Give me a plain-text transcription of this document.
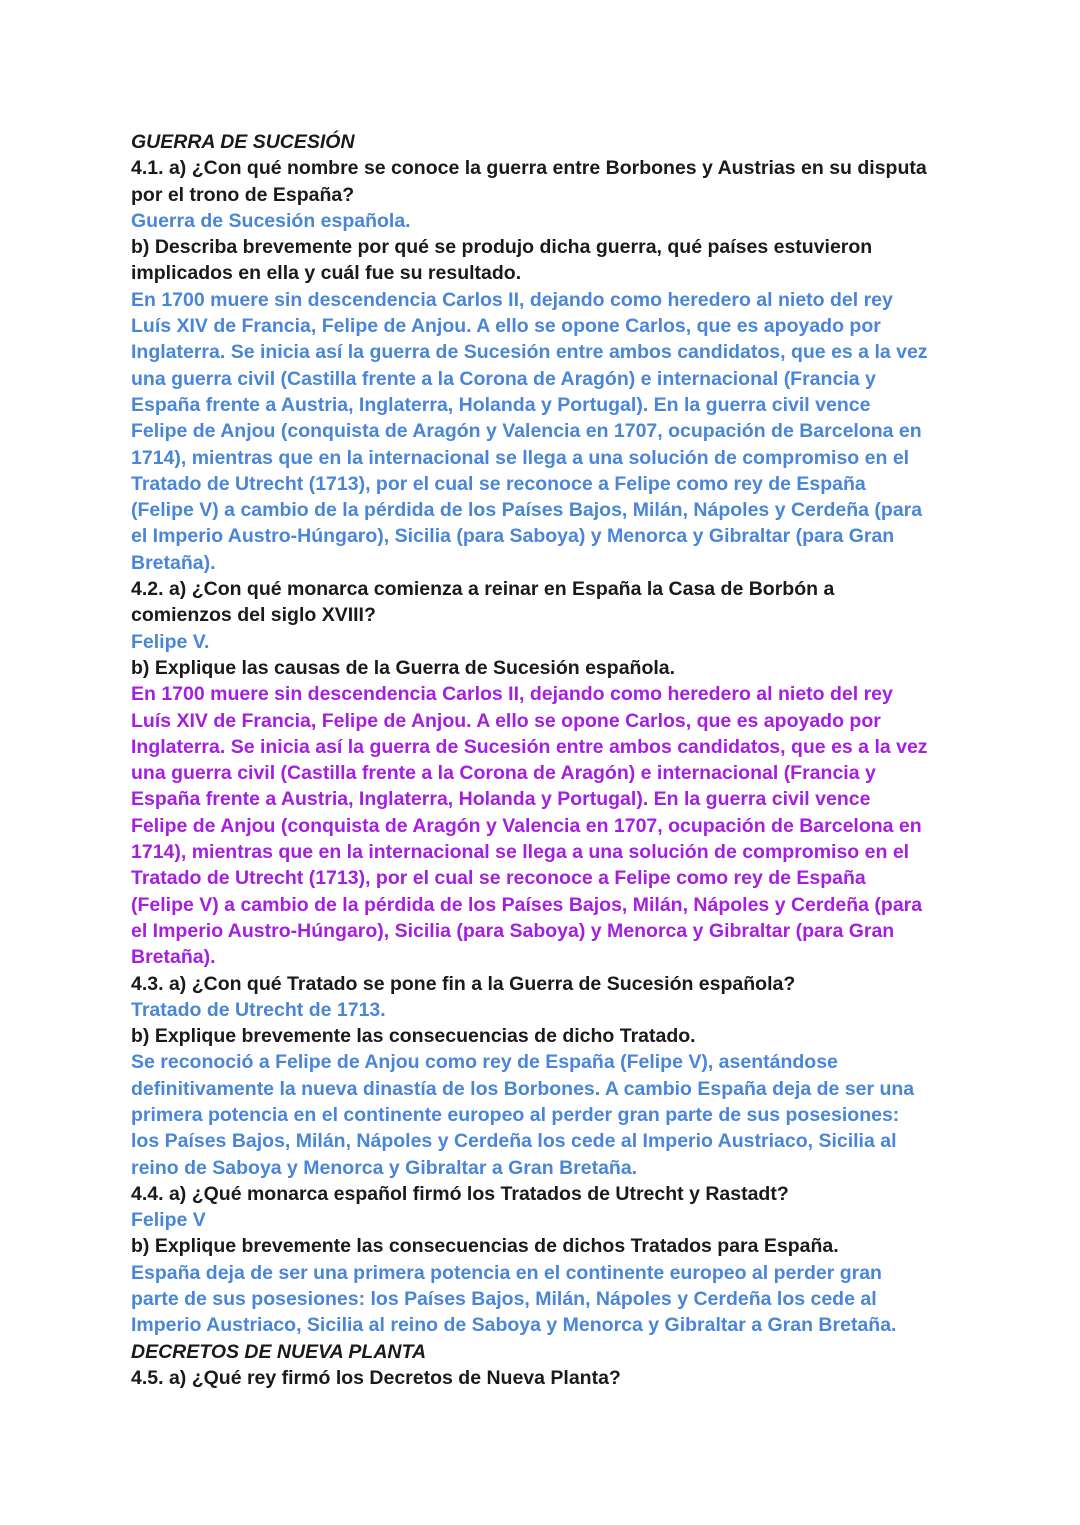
GUERRA DE SUCESIÓN

4.1. a) ¿Con qué nombre se conoce la guerra entre Borbones y Austrias en su disputa
por el trono de España?

Guerra de Sucesión española.

b) Describa brevemente por qué se produjo dicha guerra, qué países estuvieron
implicados en ella y cuál fue su resultado.

En 1700 muere sin descendencia Carlos II, dejando como heredero al nieto del rey
Luís XIV de Francia, Felipe de Anjou. A ello se opone Carlos, que es apoyado por
Inglaterra. Se inicia así la guerra de Sucesión entre ambos candidatos, que es a la vez
una guerra civil (Castilla frente a la Corona de Aragón) e internacional (Francia y
España frente a Austria, Inglaterra, Holanda y Portugal). En la guerra civil vence
Felipe de Anjou (conquista de Aragón y Valencia en 1707, ocupación de Barcelona en
1714), mientras que en la internacional se llega a una solución de compromiso en el
Tratado de Utrecht (1713), por el cual se reconoce a Felipe como rey de España
(Felipe V) a cambio de la pérdida de los Países Bajos, Milán, Nápoles y Cerdeña (para
el Imperio Austro-Húngaro), Sicilia (para Saboya) y Menorca y Gibraltar (para Gran
Bretaña).

4.2. a) ¿Con qué monarca comienza a reinar en España la Casa de Borbón a
comienzos del siglo XVIII?

Felipe V.

b) Explique las causas de la Guerra de Sucesión española.

En 1700 muere sin descendencia Carlos II, dejando como heredero al nieto del rey
Luís XIV de Francia, Felipe de Anjou. A ello se opone Carlos, que es apoyado por
Inglaterra. Se inicia así la guerra de Sucesión entre ambos candidatos, que es a la vez
una guerra civil (Castilla frente a la Corona de Aragón) e internacional (Francia y
España frente a Austria, Inglaterra, Holanda y Portugal). En la guerra civil vence
Felipe de Anjou (conquista de Aragón y Valencia en 1707, ocupación de Barcelona en
1714), mientras que en la internacional se llega a una solución de compromiso en el
Tratado de Utrecht (1713), por el cual se reconoce a Felipe como rey de España
(Felipe V) a cambio de la pérdida de los Países Bajos, Milán, Nápoles y Cerdeña (para
el Imperio Austro-Húngaro), Sicilia (para Saboya) y Menorca y Gibraltar (para Gran
Bretaña).

4.3. a) ¿Con qué Tratado se pone fin a la Guerra de Sucesión española?

Tratado de Utrecht de 1713.

b) Explique brevemente las consecuencias de dicho Tratado.

Se reconoció a Felipe de Anjou como rey de España (Felipe V), asentándose
definitivamente la nueva dinastía de los Borbones. A cambio España deja de ser una
primera potencia en el continente europeo al perder gran parte de sus posesiones:
los Países Bajos, Milán, Nápoles y Cerdeña los cede al Imperio Austriaco, Sicilia al
reino de Saboya y Menorca y Gibraltar a Gran Bretaña.

4.4. a) ¿Qué monarca español firmó los Tratados de Utrecht y Rastadt?

Felipe V

b) Explique brevemente las consecuencias de dichos Tratados para España.

España deja de ser una primera potencia en el continente europeo al perder gran
parte de sus posesiones: los Países Bajos, Milán, Nápoles y Cerdeña los cede al
Imperio Austriaco, Sicilia al reino de Saboya y Menorca y Gibraltar a Gran Bretaña.

DECRETOS DE NUEVA PLANTA

4.5. a) ¿Qué rey firmó los Decretos de Nueva Planta?
